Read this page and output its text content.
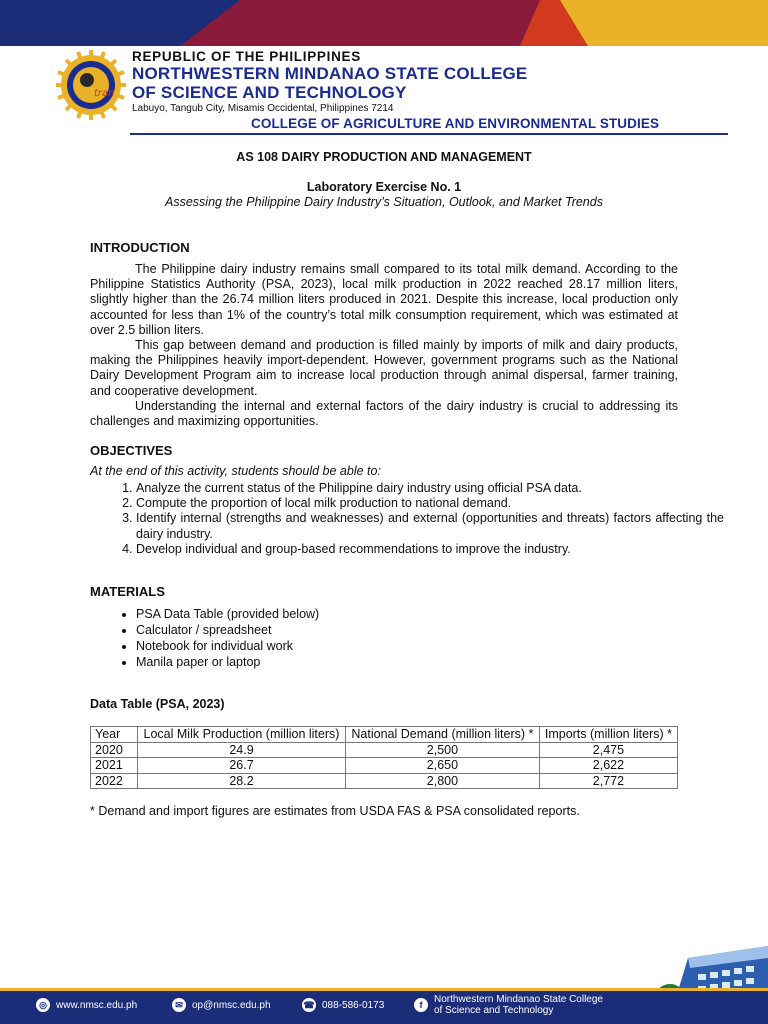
tran

REPUBLIC OF THE PHILIPPINES

NORTHWESTERN MINDANAO STATE COLLEGE

OF SCIENCE AND TECHNOLOGY

Labuyo, Tangub City, Misamis Occidental, Philippines 7214

COLLEGE OF AGRICULTURE AND ENVIRONMENTAL STUDIES
AS 108 DAIRY PRODUCTION AND MANAGEMENT
Laboratory Exercise No. 1
Assessing the Philippine Dairy Industry’s Situation, Outlook, and Market Trends
INTRODUCTION

The Philippine dairy industry remains small compared to its total milk demand. According to the Philippine Statistics Authority (PSA, 2023), local milk production in 2022 reached 28.17 million liters, slightly higher than the 26.74 million liters produced in 2021. Despite this increase, local production only accounted for less than 1% of the country’s total milk consumption requirement, which was estimated at over 2.5 billion liters.

This gap between demand and production is filled mainly by imports of milk and dairy products, making the Philippines heavily import-dependent. However, government programs such as the National Dairy Development Program aim to increase local production through animal dispersal, farmer training, and cooperative development.

Understanding the internal and external factors of the dairy industry is crucial to addressing its challenges and maximizing opportunities.

OBJECTIVES
At the end of this activity, students should be able to:
1. Analyze the current status of the Philippine dairy industry using official PSA data.
2. Compute the proportion of local milk production to national demand.
3. Identify internal (strengths and weaknesses) and external (opportunities and threats) factors affecting the dairy industry.
4. Develop individual and group-based recommendations to improve the industry.
MATERIALS
• PSA Data Table (provided below)
• Calculator / spreadsheet
• Notebook for individual work
• Manila paper or laptop
Data Table (PSA, 2023)
Year	Local Milk Production (million liters)	National Demand (million liters) *	Imports (million liters) *
2020	24.9	2,500	2,475
2021	26.7	2,650	2,622
2022	28.2	2,800	2,772
* Demand and import figures are estimates from USDA FAS & PSA consolidated reports.
◎ www.nmsc.edu.ph	✉ op@nmsc.edu.ph	☎ 088-586-0173	f	Northwestern Mindanao State College
of Science and Technology
